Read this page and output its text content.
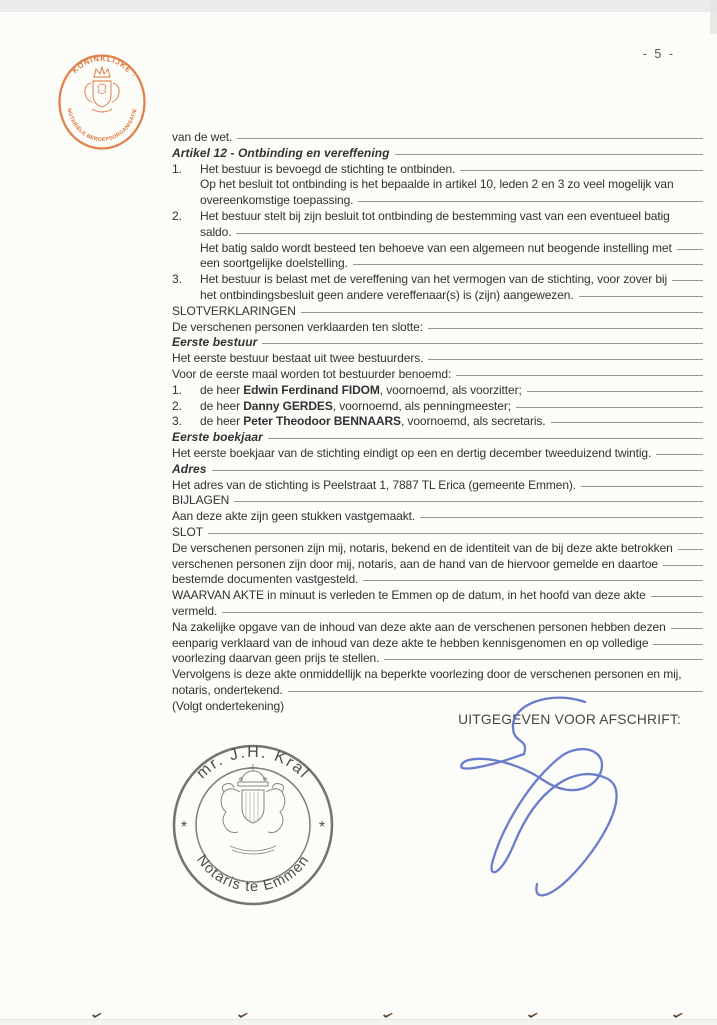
- 5 -
· KONINKLIJKE ·
NOTARIËLE BEROEPSORGANISATIE
van de wet.
Artikel 12 - Ontbinding en vereffening
1.	Het bestuur is bevoegd de stichting te ontbinden.
Op het besluit tot ontbinding is het bepaalde in artikel 10, leden 2 en 3 zo veel mogelijk van
overeenkomstige toepassing.
2.	Het bestuur stelt bij zijn besluit tot ontbinding de bestemming vast van een eventueel batig
saldo.
Het batig saldo wordt besteed ten behoeve van een algemeen nut beogende instelling met
een soortgelijke doelstelling.
3.	Het bestuur is belast met de vereffening van het vermogen van de stichting, voor zover bij
het ontbindingsbesluit geen andere vereffenaar(s) is (zijn) aangewezen.
SLOTVERKLARINGEN
De verschenen personen verklaarden ten slotte:
Eerste bestuur
Het eerste bestuur bestaat uit twee bestuurders.
Voor de eerste maal worden tot bestuurder benoemd:
1.	de heer Edwin Ferdinand FIDOM, voornoemd, als voorzitter;
2.	de heer Danny GERDES, voornoemd, als penningmeester;
3.	de heer Peter Theodoor BENNAARS, voornoemd, als secretaris.
Eerste boekjaar
Het eerste boekjaar van de stichting eindigt op een en dertig december tweeduizend twintig.
Adres
Het adres van de stichting is Peelstraat 1, 7887 TL Erica (gemeente Emmen).
BIJLAGEN
Aan deze akte zijn geen stukken vastgemaakt.
SLOT
De verschenen personen zijn mij, notaris, bekend en de identiteit van de bij deze akte betrokken
verschenen personen zijn door mij, notaris, aan de hand van de hiervoor gemelde en daartoe
bestemde documenten vastgesteld.
WAARVAN AKTE in minuut is verleden te Emmen op de datum, in het hoofd van deze akte
vermeld.
Na zakelijke opgave van de inhoud van deze akte aan de verschenen personen hebben dezen
eenparig verklaard van de inhoud van deze akte te hebben kennisgenomen en op volledige
voorlezing daarvan geen prijs te stellen.
Vervolgens is deze akte onmiddellijk na beperkte voorlezing door de verschenen personen en mij,
notaris, ondertekend.
(Volgt ondertekening)
UITGEGEVEN VOOR AFSCHRIFT:
mr. J.H. Kral
Notaris te Emmen
*	*
